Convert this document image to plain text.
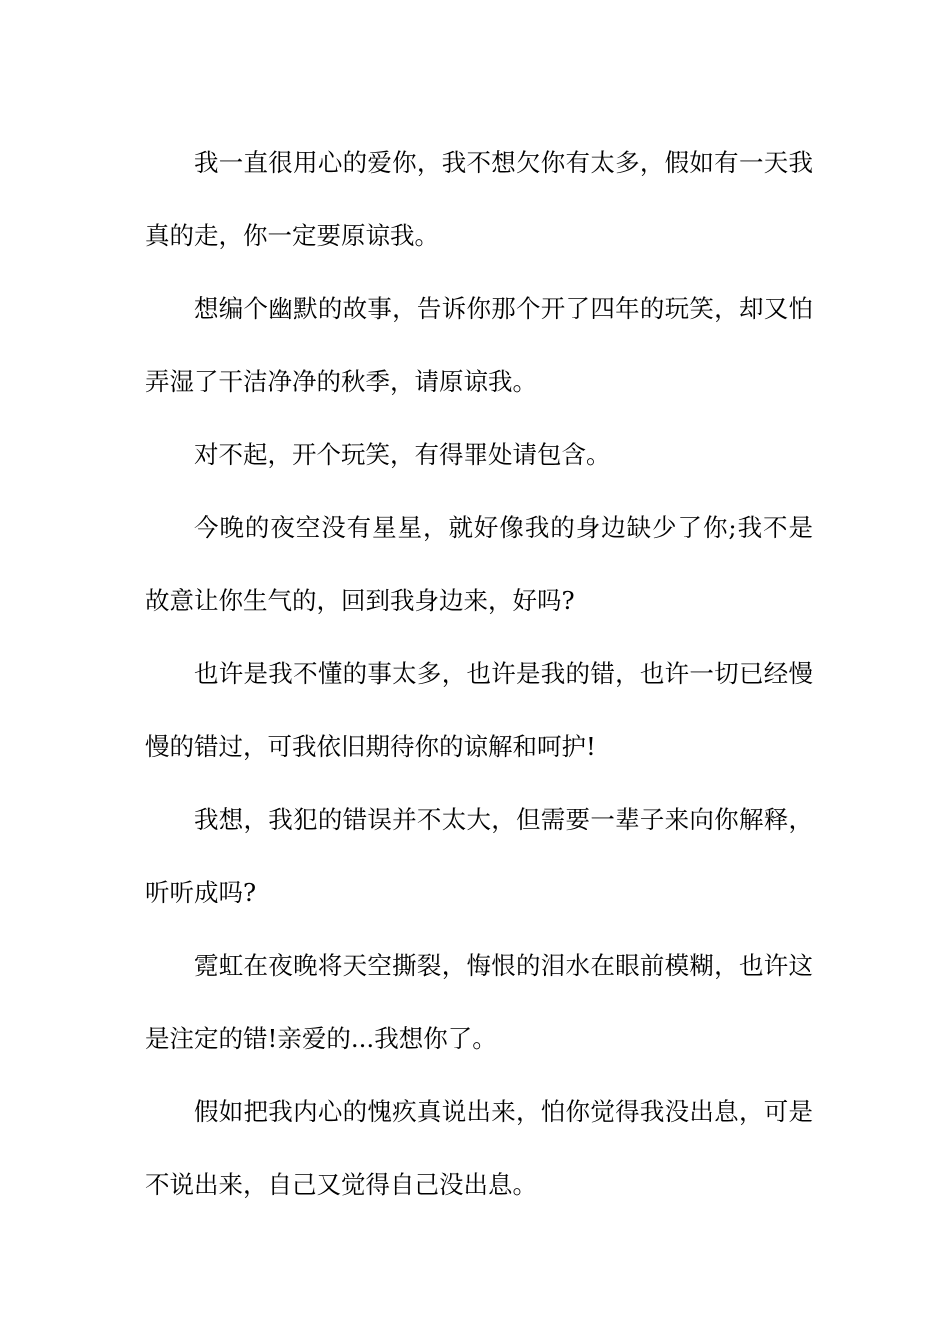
我一直很用心的爱你，我不想欠你有太多，假如有一天我真的走，你一定要原谅我。

想编个幽默的故事，告诉你那个开了四年的玩笑，却又怕弄湿了干洁净净的秋季，请原谅我。

对不起，开个玩笑，有得罪处请包含。

今晚的夜空没有星星，就好像我的身边缺少了你;我不是故意让你生气的，回到我身边来，好吗?

也许是我不懂的事太多，也许是我的错，也许一切已经慢慢的错过，可我依旧期待你的谅解和呵护!

我想，我犯的错误并不太大，但需要一辈子来向你解释，听听成吗?

霓虹在夜晚将天空撕裂，悔恨的泪水在眼前模糊，也许这是注定的错!亲爱的...我想你了。

假如把我内心的愧疚真说出来，怕你觉得我没出息，可是不说出来，自己又觉得自己没出息。
